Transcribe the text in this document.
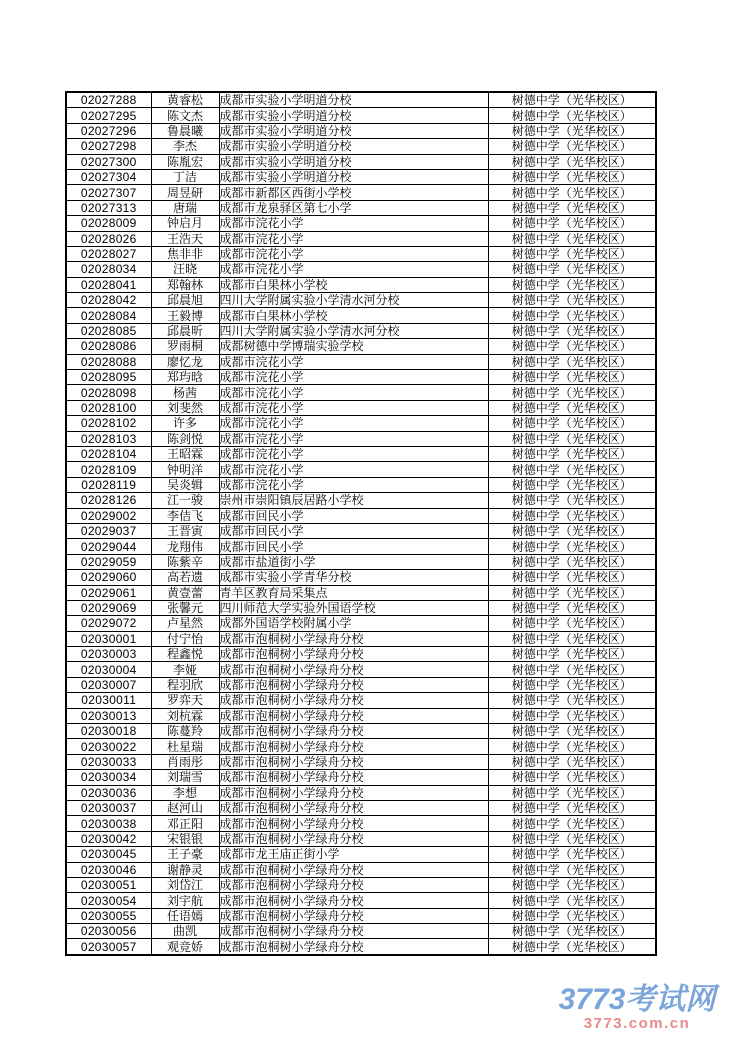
02027288	黄睿松	成都市实验小学明道分校	树德中学（光华校区）
02027295	陈文杰	成都市实验小学明道分校	树德中学（光华校区）
02027296	鲁晨曦	成都市实验小学明道分校	树德中学（光华校区）
02027298	李杰	成都市实验小学明道分校	树德中学（光华校区）
02027300	陈胤宏	成都市实验小学明道分校	树德中学（光华校区）
02027304	丁洁	成都市实验小学明道分校	树德中学（光华校区）
02027307	周昱研	成都市新都区西街小学校	树德中学（光华校区）
02027313	唐瑞	成都市龙泉驿区第七小学	树德中学（光华校区）
02028009	钟启月	成都市浣花小学	树德中学（光华校区）
02028026	王浩天	成都市浣花小学	树德中学（光华校区）
02028027	焦非非	成都市浣花小学	树德中学（光华校区）
02028034	汪晓	成都市浣花小学	树德中学（光华校区）
02028041	郑翰林	成都市白果林小学校	树德中学（光华校区）
02028042	邱晨旭	四川大学附属实验小学清水河分校	树德中学（光华校区）
02028084	王毅博	成都市白果林小学校	树德中学（光华校区）
02028085	邱晨昕	四川大学附属实验小学清水河分校	树德中学（光华校区）
02028086	罗雨桐	成都树德中学博瑞实验学校	树德中学（光华校区）
02028088	廖忆龙	成都市浣花小学	树德中学（光华校区）
02028095	郑玙晗	成都市浣花小学	树德中学（光华校区）
02028098	杨茜	成都市浣花小学	树德中学（光华校区）
02028100	刘斐然	成都市浣花小学	树德中学（光华校区）
02028102	许多	成都市浣花小学	树德中学（光华校区）
02028103	陈剑悦	成都市浣花小学	树德中学（光华校区）
02028104	王昭霖	成都市浣花小学	树德中学（光华校区）
02028109	钟明洋	成都市浣花小学	树德中学（光华校区）
02028119	吴炎辑	成都市浣花小学	树德中学（光华校区）
02028126	江一骏	崇州市崇阳镇辰居路小学校	树德中学（光华校区）
02029002	李佶飞	成都市回民小学	树德中学（光华校区）
02029037	王晋寅	成都市回民小学	树德中学（光华校区）
02029044	龙翔伟	成都市回民小学	树德中学（光华校区）
02029059	陈紫辛	成都市盐道街小学	树德中学（光华校区）
02029060	高若遗	成都市实验小学青华分校	树德中学（光华校区）
02029061	黄壹蕾	青羊区教育局采集点	树德中学（光华校区）
02029069	张馨元	四川师范大学实验外国语学校	树德中学（光华校区）
02029072	卢星然	成都外国语学校附属小学	树德中学（光华校区）
02030001	付宁怡	成都市泡桐树小学绿舟分校	树德中学（光华校区）
02030003	程鑫悦	成都市泡桐树小学绿舟分校	树德中学（光华校区）
02030004	李娅	成都市泡桐树小学绿舟分校	树德中学（光华校区）
02030007	程羽欣	成都市泡桐树小学绿舟分校	树德中学（光华校区）
02030011	罗弈天	成都市泡桐树小学绿舟分校	树德中学（光华校区）
02030013	刘杭霖	成都市泡桐树小学绿舟分校	树德中学（光华校区）
02030018	陈蔓羚	成都市泡桐树小学绿舟分校	树德中学（光华校区）
02030022	杜星瑞	成都市泡桐树小学绿舟分校	树德中学（光华校区）
02030033	肖雨彤	成都市泡桐树小学绿舟分校	树德中学（光华校区）
02030034	刘瑞雪	成都市泡桐树小学绿舟分校	树德中学（光华校区）
02030036	李想	成都市泡桐树小学绿舟分校	树德中学（光华校区）
02030037	赵河山	成都市泡桐树小学绿舟分校	树德中学（光华校区）
02030038	邓正阳	成都市泡桐树小学绿舟分校	树德中学（光华校区）
02030042	宋银银	成都市泡桐树小学绿舟分校	树德中学（光华校区）
02030045	王子豪	成都市龙王庙正街小学	树德中学（光华校区）
02030046	谢静灵	成都市泡桐树小学绿舟分校	树德中学（光华校区）
02030051	刘岱江	成都市泡桐树小学绿舟分校	树德中学（光华校区）
02030054	刘宇航	成都市泡桐树小学绿舟分校	树德中学（光华校区）
02030055	任语嫣	成都市泡桐树小学绿舟分校	树德中学（光华校区）
02030056	曲凯	成都市泡桐树小学绿舟分校	树德中学（光华校区）
02030057	观竞娇	成都市泡桐树小学绿舟分校	树德中学（光华校区）
3773考试网
3773.com.cn
